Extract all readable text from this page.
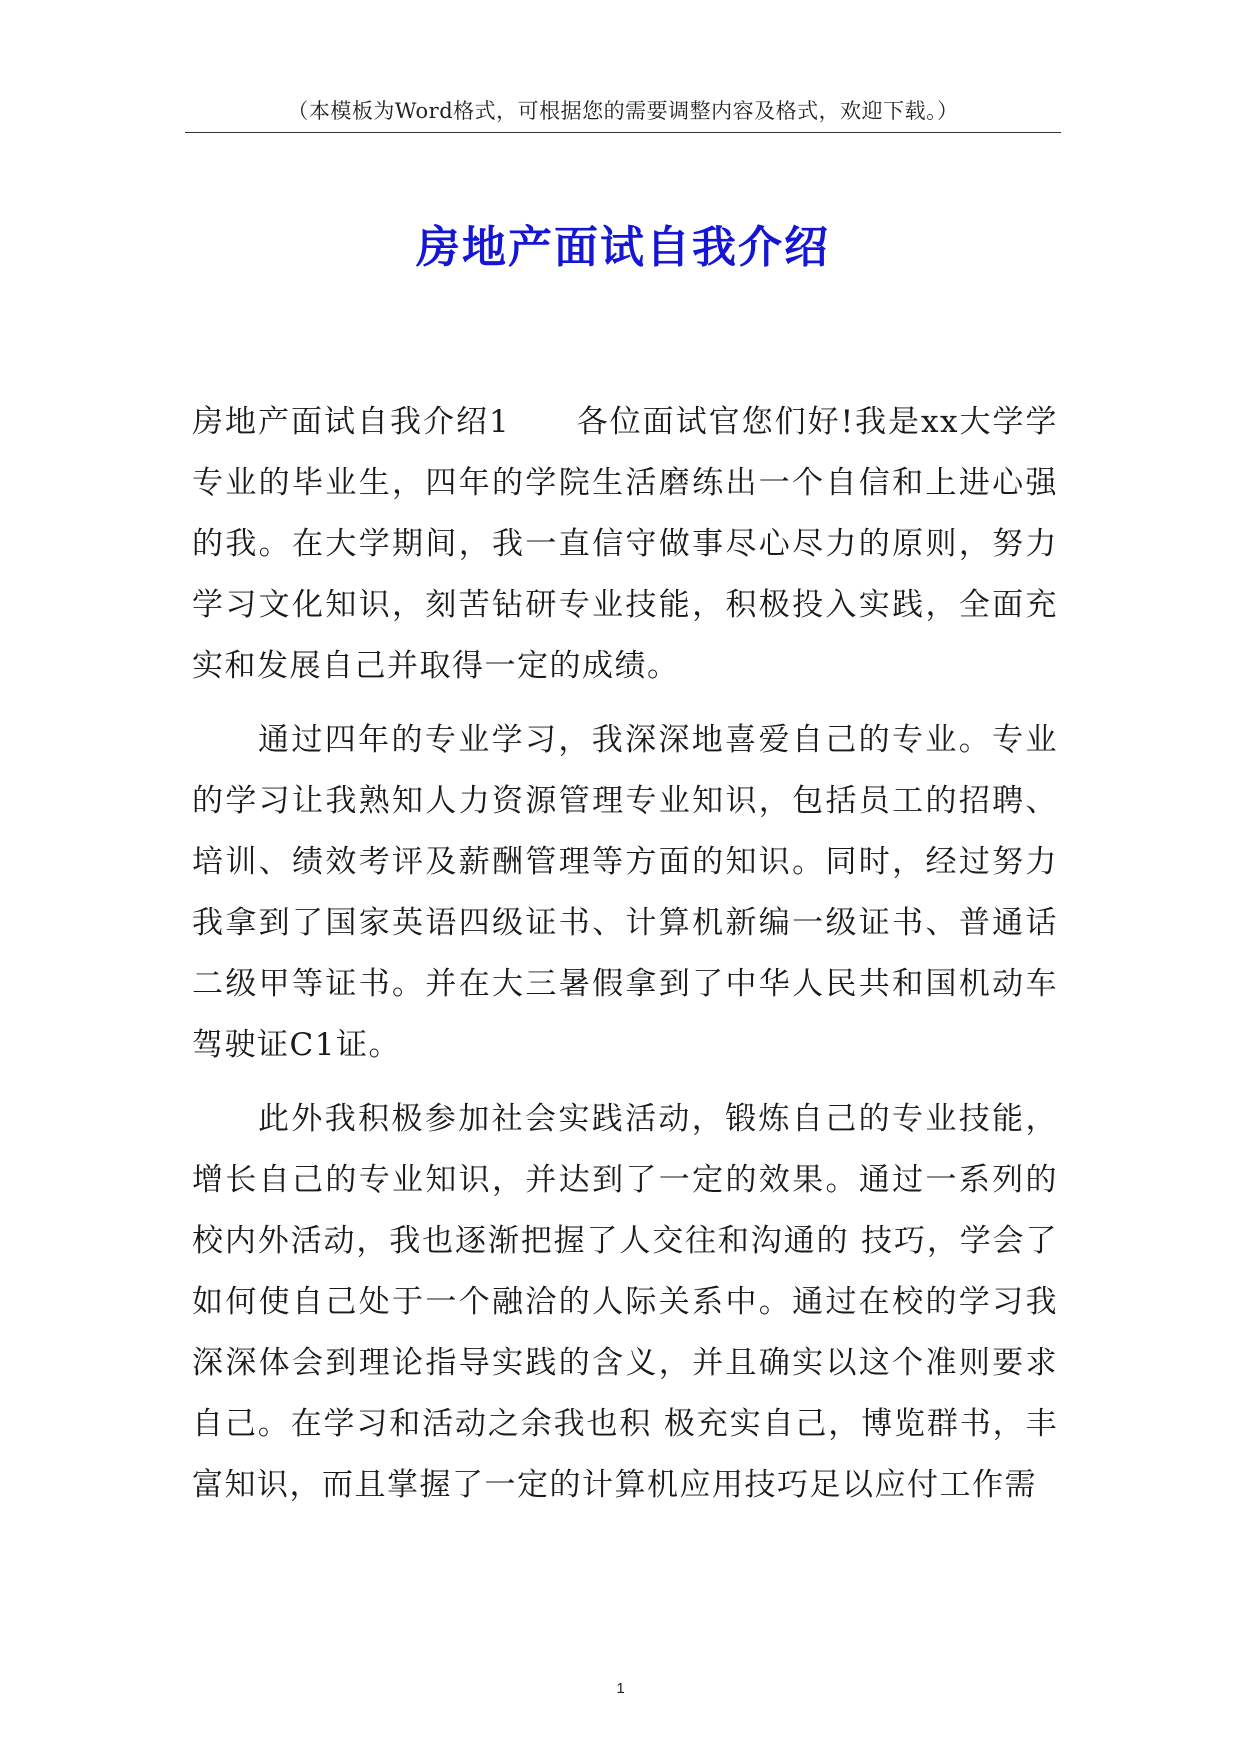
（本模板为Word格式，可根据您的需要调整内容及格式，欢迎下载。）
房地产面试自我介绍

房地产面试自我介绍1　　各位面试官您们好!我是xx大学学专业的毕业生，四年的学院生活磨练出一个自信和上进心强的我。在大学期间，我一直信守做事尽心尽力的原则，努力学习文化知识，刻苦钻研专业技能，积极投入实践，全面充实和发展自己并取得一定的成绩。

通过四年的专业学习，我深深地喜爱自己的专业。专业的学习让我熟知人力资源管理专业知识，包括员工的招聘、培训、绩效考评及薪酬管理等方面的知识。同时，经过努力我拿到了国家英语四级证书、计算机新编一级证书、普通话二级甲等证书。并在大三暑假拿到了中华人民共和国机动车驾驶证C1证。

此外我积极参加社会实践活动，锻炼自己的专业技能，增长自己的专业知识，并达到了一定的效果。通过一系列的校内外活动，我也逐渐把握了人交往和沟通的 技巧，学会了如何使自己处于一个融洽的人际关系中。通过在校的学习我深深体会到理论指导实践的含义，并且确实以这个准则要求自己。在学习和活动之余我也积 极充实自己，博览群书，丰富知识，而且掌握了一定的计算机应用技巧足以应付工作需

1
